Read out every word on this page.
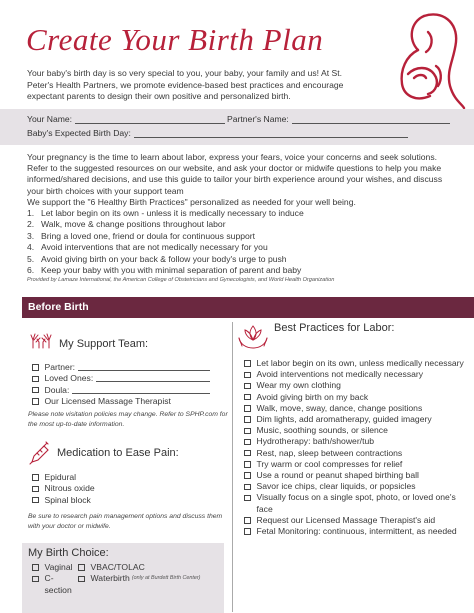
Create Your Birth Plan
Your baby's birth day is so very special to you, your baby, your family and us! At St. Peter's Health Partners, we promote evidence-based best practices and encourage expectant parents to design their own positive and personalized birth.
Your Name:	Partner's Name:
Baby's Expected Birth Day:
Your pregnancy is the time to learn about labor, express your fears, voice your concerns and seek solutions. Refer to the suggested resources on our website, and ask your doctor or midwife questions to help you make informed/shared decisions, and use this guide to tailor your birth experience around your wishes, and discuss your birth choices with your support team
We support the "6 Healthy Birth Practices" personalized as needed for your well being.
1. Let labor begin on its own - unless it is medically necessary to induce
2. Walk, move & change positions throughout labor
3. Bring a loved one, friend or doula for continuous support
4. Avoid interventions that are not medically necessary for you
5. Avoid giving birth on your back & follow your body's urge to push
6. Keep your baby with you with minimal separation of parent and baby
Provided by Lamaze International, the American College of Obstetricians and Gynecologists, and World Health Organization
Before Birth
My Support Team:
Partner:
Loved Ones:
Doula:
Our Licensed Massage Therapist
Please note visitation policies may change. Refer to SPHP.com for the most up-to-date information.
Medication to Ease Pain:
Epidural
Nitrous oxide
Spinal block
Be sure to research pain management options and discuss them with your doctor or midwife.
My Birth Choice:
Vaginal VBAC/TOLAC
C-section
Waterbirth (only at Burdett Birth Center)
Best Practices for Labor:
Let labor begin on its own, unless medically necessary
Avoid interventions not medically necessary
Wear my own clothing
Avoid giving birth on my back
Walk, move, sway, dance, change positions
Dim lights, add aromatherapy, guided imagery
Music, soothing sounds, or silence
Hydrotherapy: bath/shower/tub
Rest, nap, sleep between contractions
Try warm or cool compresses for relief
Use a round or peanut shaped birthing ball
Savor ice chips, clear liquids, or popsicles
Visually focus on a single spot, photo, or loved one's face
Request our Licensed Massage Therapist's aid
Fetal Monitoring: continuous, intermittent, as needed
